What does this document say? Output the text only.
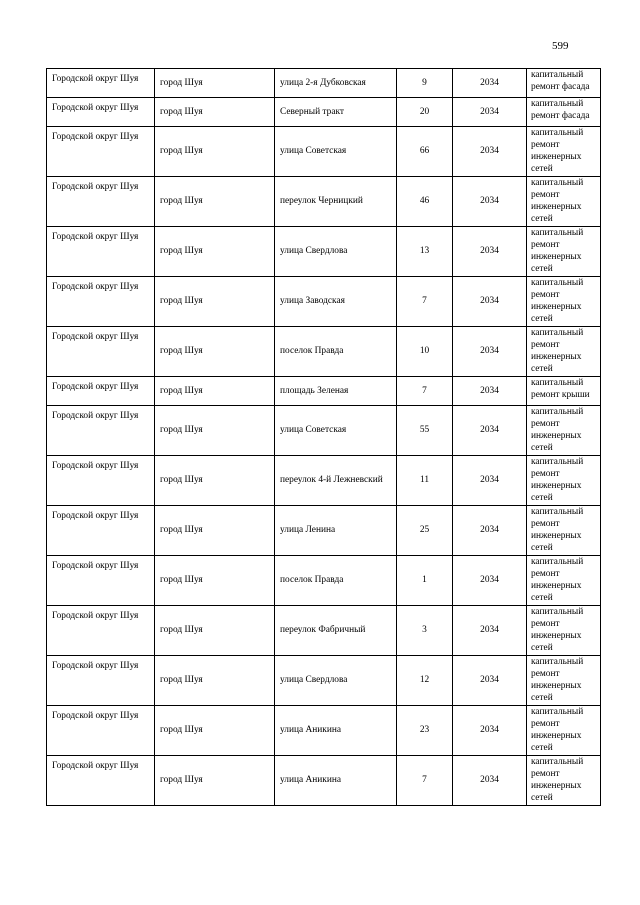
599
Городской округ Шуя	город Шуя	улица 2-я Дубковская	9	2034	капитальный ремонт фасада
Городской округ Шуя	город Шуя	Северный тракт	20	2034	капитальный ремонт фасада
Городской округ Шуя	город Шуя	улица Советская	66	2034	капитальный ремонт инженерных сетей
Городской округ Шуя	город Шуя	переулок Черницкий	46	2034	капитальный ремонт инженерных сетей
Городской округ Шуя	город Шуя	улица Свердлова	13	2034	капитальный ремонт инженерных сетей
Городской округ Шуя	город Шуя	улица Заводская	7	2034	капитальный ремонт инженерных сетей
Городской округ Шуя	город Шуя	поселок Правда	10	2034	капитальный ремонт инженерных сетей
Городской округ Шуя	город Шуя	площадь Зеленая	7	2034	капитальный ремонт крыши
Городской округ Шуя	город Шуя	улица Советская	55	2034	капитальный ремонт инженерных сетей
Городской округ Шуя	город Шуя	переулок 4-й Лежневский	11	2034	капитальный ремонт инженерных сетей
Городской округ Шуя	город Шуя	улица Ленина	25	2034	капитальный ремонт инженерных сетей
Городской округ Шуя	город Шуя	поселок Правда	1	2034	капитальный ремонт инженерных сетей
Городской округ Шуя	город Шуя	переулок Фабричный	3	2034	капитальный ремонт инженерных сетей
Городской округ Шуя	город Шуя	улица Свердлова	12	2034	капитальный ремонт инженерных сетей
Городской округ Шуя	город Шуя	улица Аникина	23	2034	капитальный ремонт инженерных сетей
Городской округ Шуя	город Шуя	улица Аникина	7	2034	капитальный ремонт инженерных сетей
